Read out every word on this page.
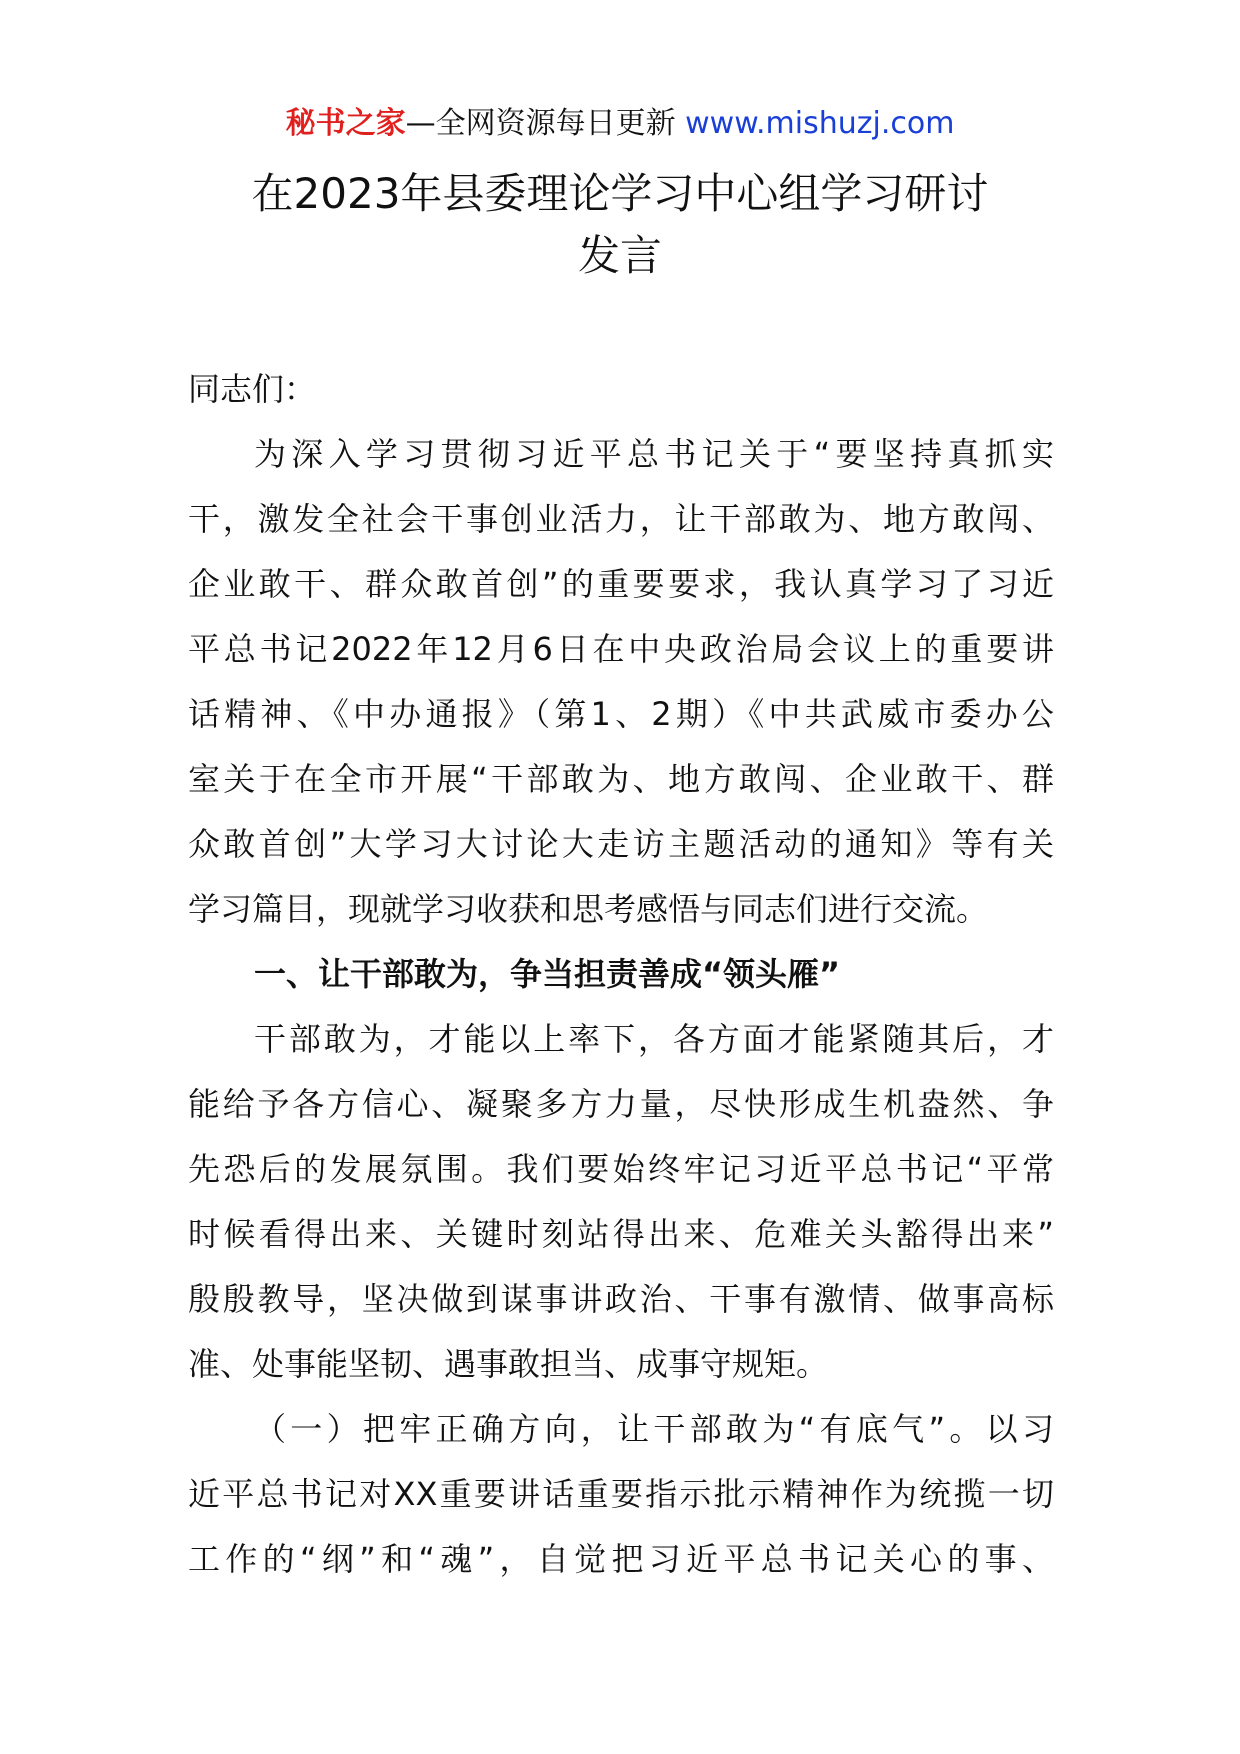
秘书之家—全网资源每日更新 www.mishuzj.com
在2023年县委理论学习中心组学习研讨
发言
同志们：
为深入学习贯彻习近平总书记关于“要坚持真抓实
干，激发全社会干事创业活力，让干部敢为、地方敢闯、
企业敢干、群众敢首创”的重要要求，我认真学习了习近
平总书记2022年12月6日在中央政治局会议上的重要讲
话精神、《中办通报》（第1、2期）《中共武威市委办公
室关于在全市开展“干部敢为、地方敢闯、企业敢干、群
众敢首创”大学习大讨论大走访主题活动的通知》等有关
学习篇目，现就学习收获和思考感悟与同志们进行交流。
一、让干部敢为，争当担责善成“领头雁”
干部敢为，才能以上率下，各方面才能紧随其后，才
能给予各方信心、凝聚多方力量，尽快形成生机盎然、争
先恐后的发展氛围。我们要始终牢记习近平总书记“平常
时候看得出来、关键时刻站得出来、危难关头豁得出来”
殷殷教导，坚决做到谋事讲政治、干事有激情、做事高标
准、处事能坚韧、遇事敢担当、成事守规矩。
（一）把牢正确方向，让干部敢为“有底气”。以习
近平总书记对XX重要讲话重要指示批示精神作为统揽一切
工作的“纲”和“魂”，自觉把习近平总书记关心的事、
